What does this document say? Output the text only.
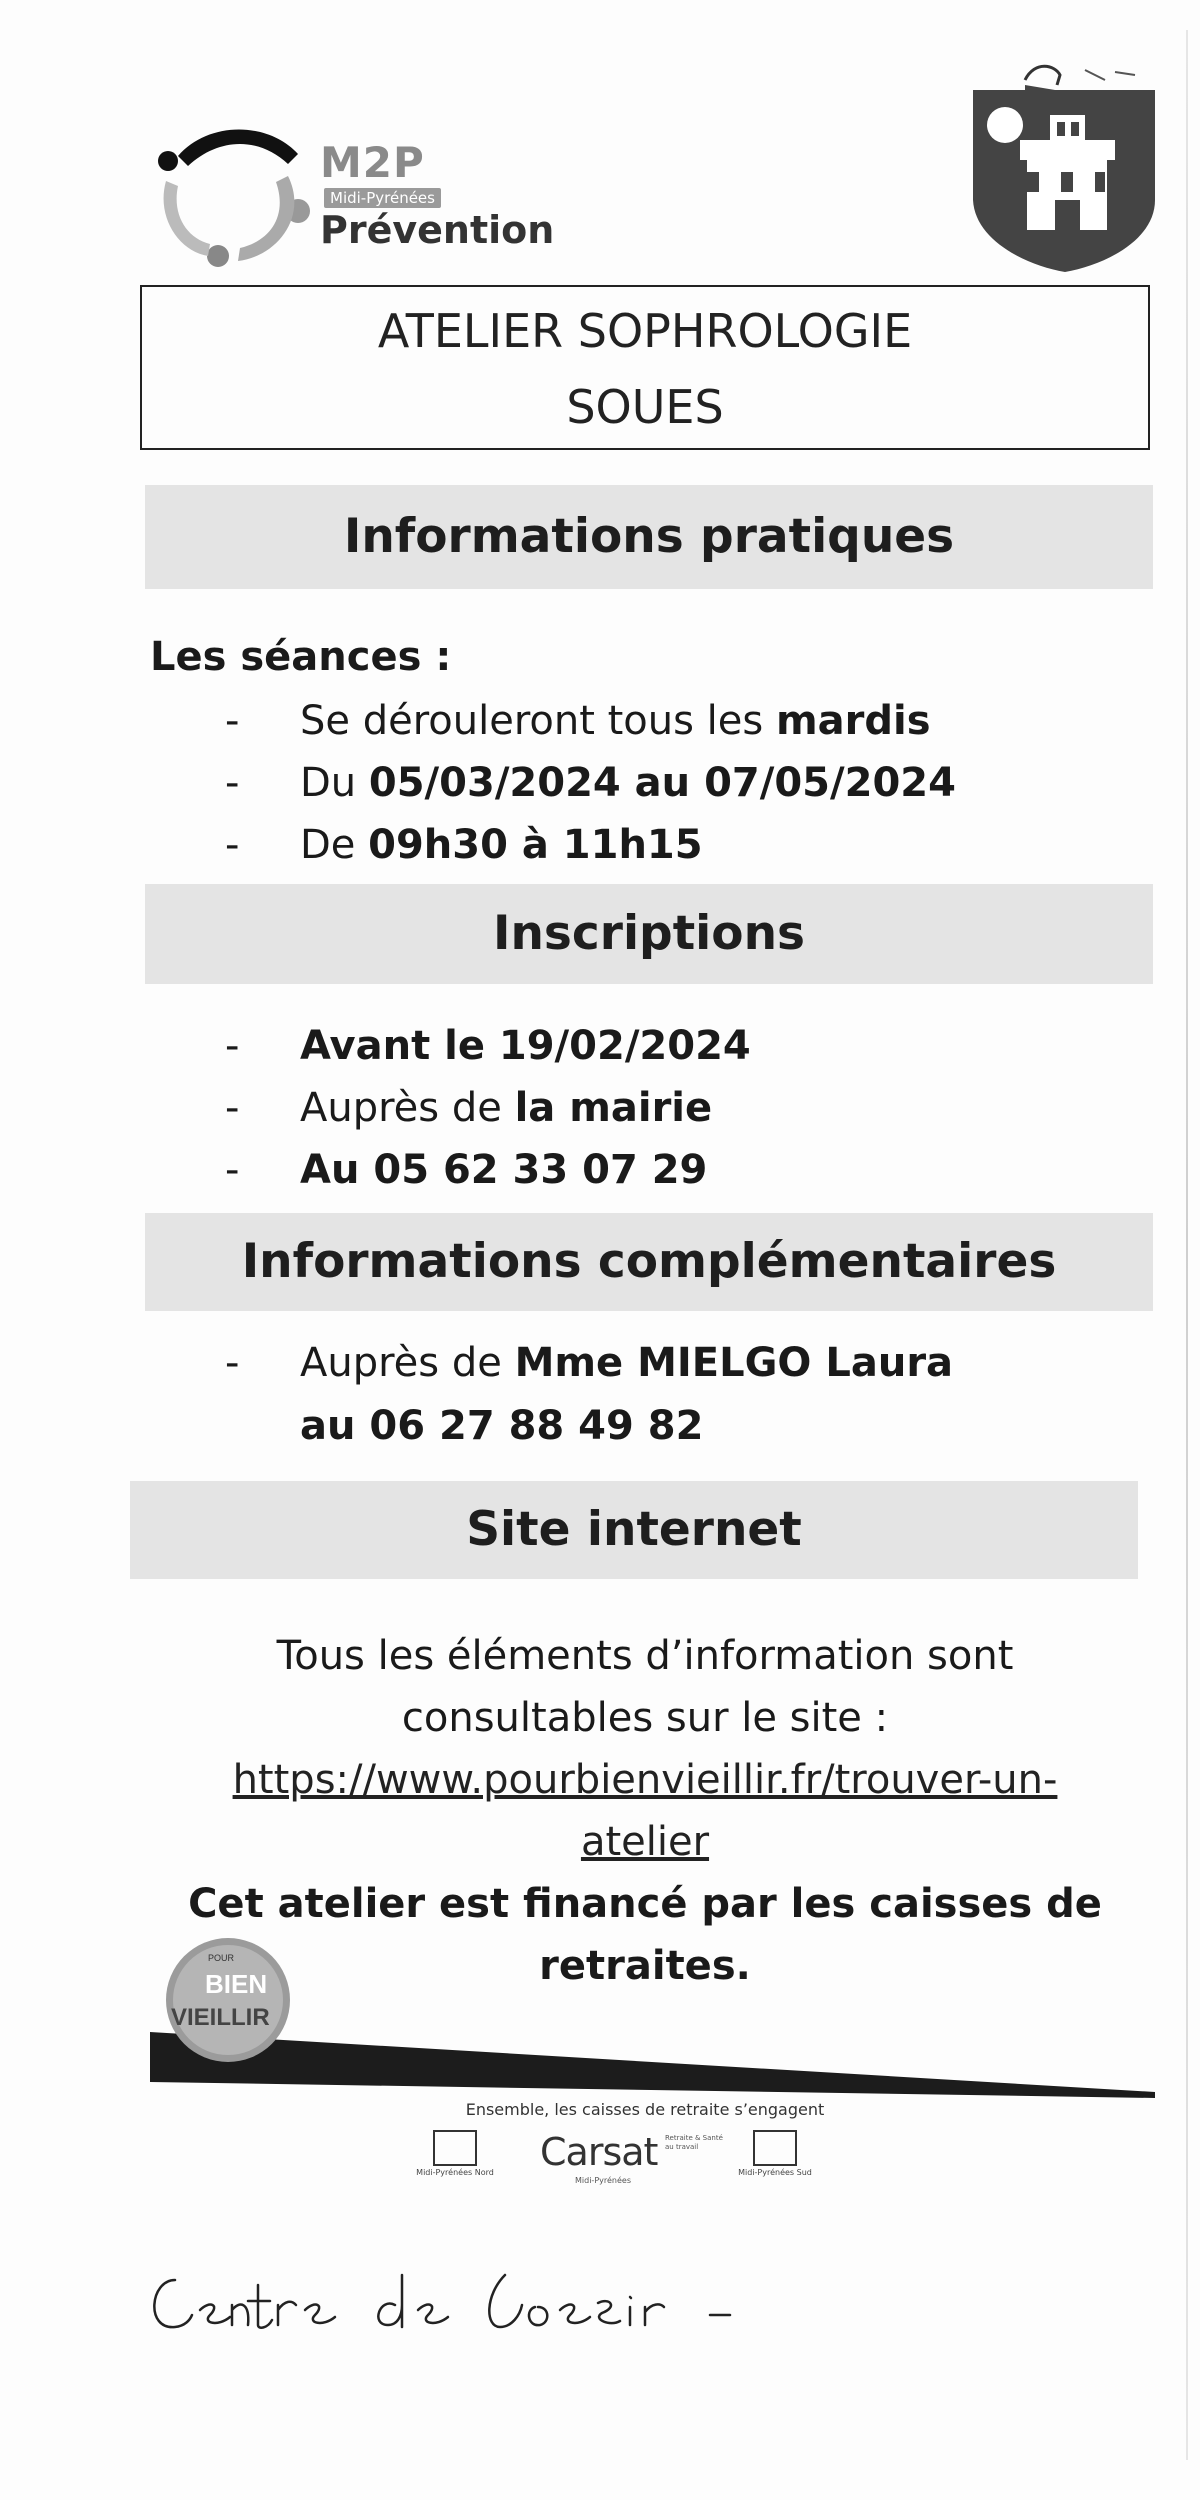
M2P
Midi-Pyrénées
Prévention
ATELIER SOPHROLOGIE
SOUES
Informations pratiques
Les séances :
- Se dérouleront tous les mardis
- Du 05/03/2024 au 07/05/2024
- De 09h30 à 11h15
Inscriptions
- Avant le 19/02/2024
- Auprès de la mairie
- Au 05 62 33 07 29
Informations complémentaires
- Auprès de Mme MIELGO Laura
au 06 27 88 49 82
Site internet
Tous les éléments d’information sont
consultables sur le site :
https://www.pourbienvieillir.fr/trouver-un-
atelier
Cet atelier est financé par les caisses de
retraites.
POUR
BIEN
VIEILLIR
Ensemble, les caisses de retraite s’engagent
Midi-Pyrénées Nord Carsat Retraite & Santé au travail
Midi-Pyrénées
Midi-Pyrénées Sud
